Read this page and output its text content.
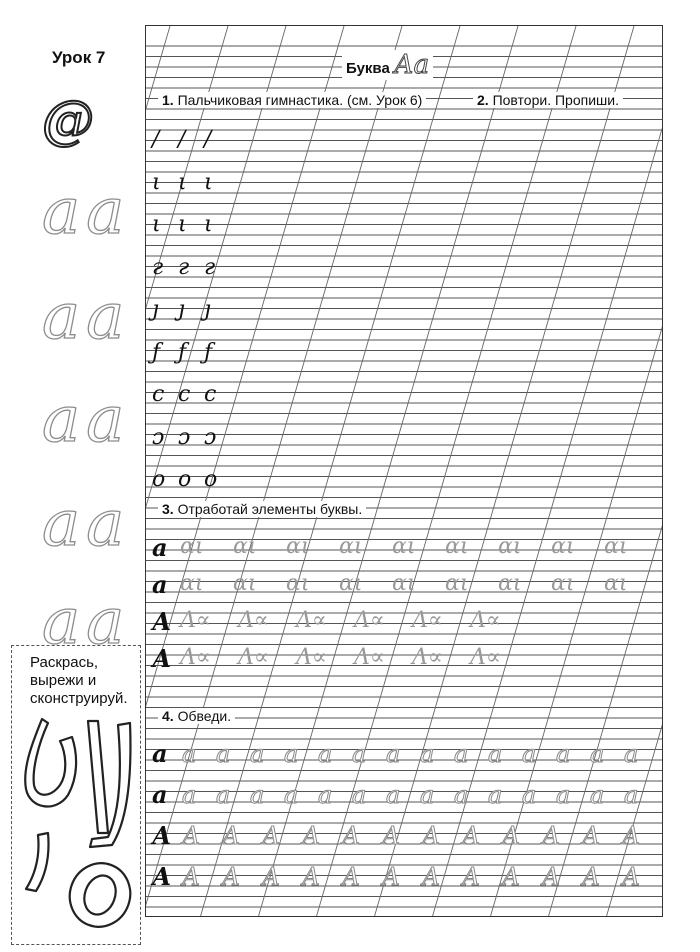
Урок 7
@
аа
аа
аа
аа
аа
Раскрась,
вырежи и
сконструируй.
Буква Аа
1. Пальчиковая гимнастика. (см. Урок 6)	2. Повтори. Пропиши.
3. Отработай элементы буквы.
4. Обведи.
/ / /
ι ι ι
ι ι ι
г г г
ȷ ȷ ȷ
ƒ ƒ ƒ
c c c
ɔ ɔ ɔ
o o o
а ɑι ɑι ɑι ɑι ɑι ɑι ɑι ɑι ɑι
а ɑι ɑι ɑι ɑι ɑι ɑι ɑι ɑι ɑι
А Λ∝ Λ∝ Λ∝ Λ∝ Λ∝ Λ∝
А Λ∝ Λ∝ Λ∝ Λ∝ Λ∝ Λ∝
а а а а а а а а а а а а а а а
а а а а а а а а а а а а а а а
А А А А А А А А А А А А А
А А А А А А А А А А А А А
